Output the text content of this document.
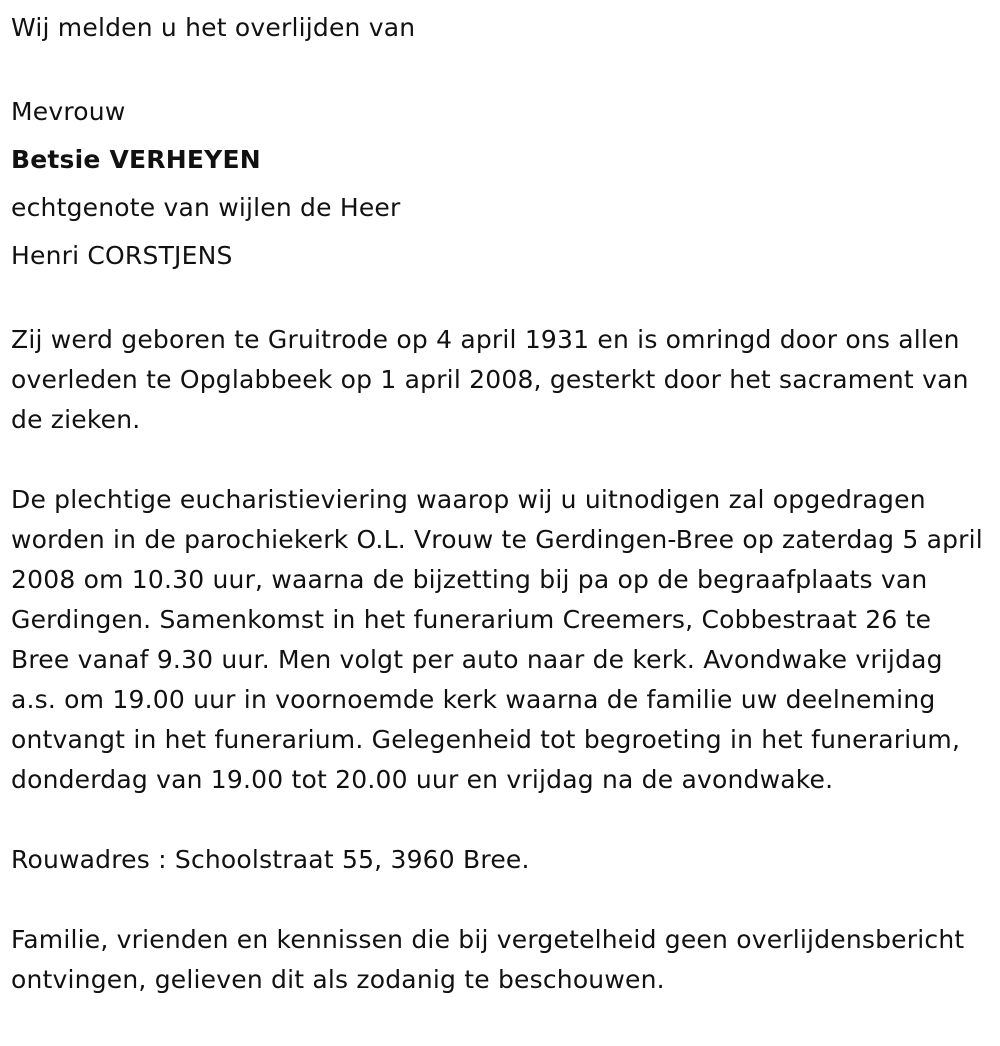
Wij melden u het overlijden van

Mevrouw

Betsie VERHEYEN

echtgenote van wijlen de Heer

Henri CORSTJENS

Zij werd geboren te Gruitrode op 4 april 1931 en is omringd door ons allen overleden te Opglabbeek op 1 april 2008, gesterkt door het sacrament van de zieken.

De plechtige eucharistieviering waarop wij u uitnodigen zal opgedragen worden in de parochiekerk O.L. Vrouw te Gerdingen-Bree op zaterdag 5 april 2008 om 10.30 uur, waarna de bijzetting bij pa op de begraafplaats van Gerdingen. Samenkomst in het funerarium Creemers, Cobbestraat 26 te Bree vanaf 9.30 uur. Men volgt per auto naar de kerk. Avondwake vrijdag a.s. om 19.00 uur in voornoemde kerk waarna de familie uw deelneming ontvangt in het funerarium. Gelegenheid tot begroeting in het funerarium, donderdag van 19.00 tot 20.00 uur en vrijdag na de avondwake.

Rouwadres : Schoolstraat 55, 3960 Bree.

Familie, vrienden en kennissen die bij vergetelheid geen overlijdensbericht ontvingen, gelieven dit als zodanig te beschouwen.
